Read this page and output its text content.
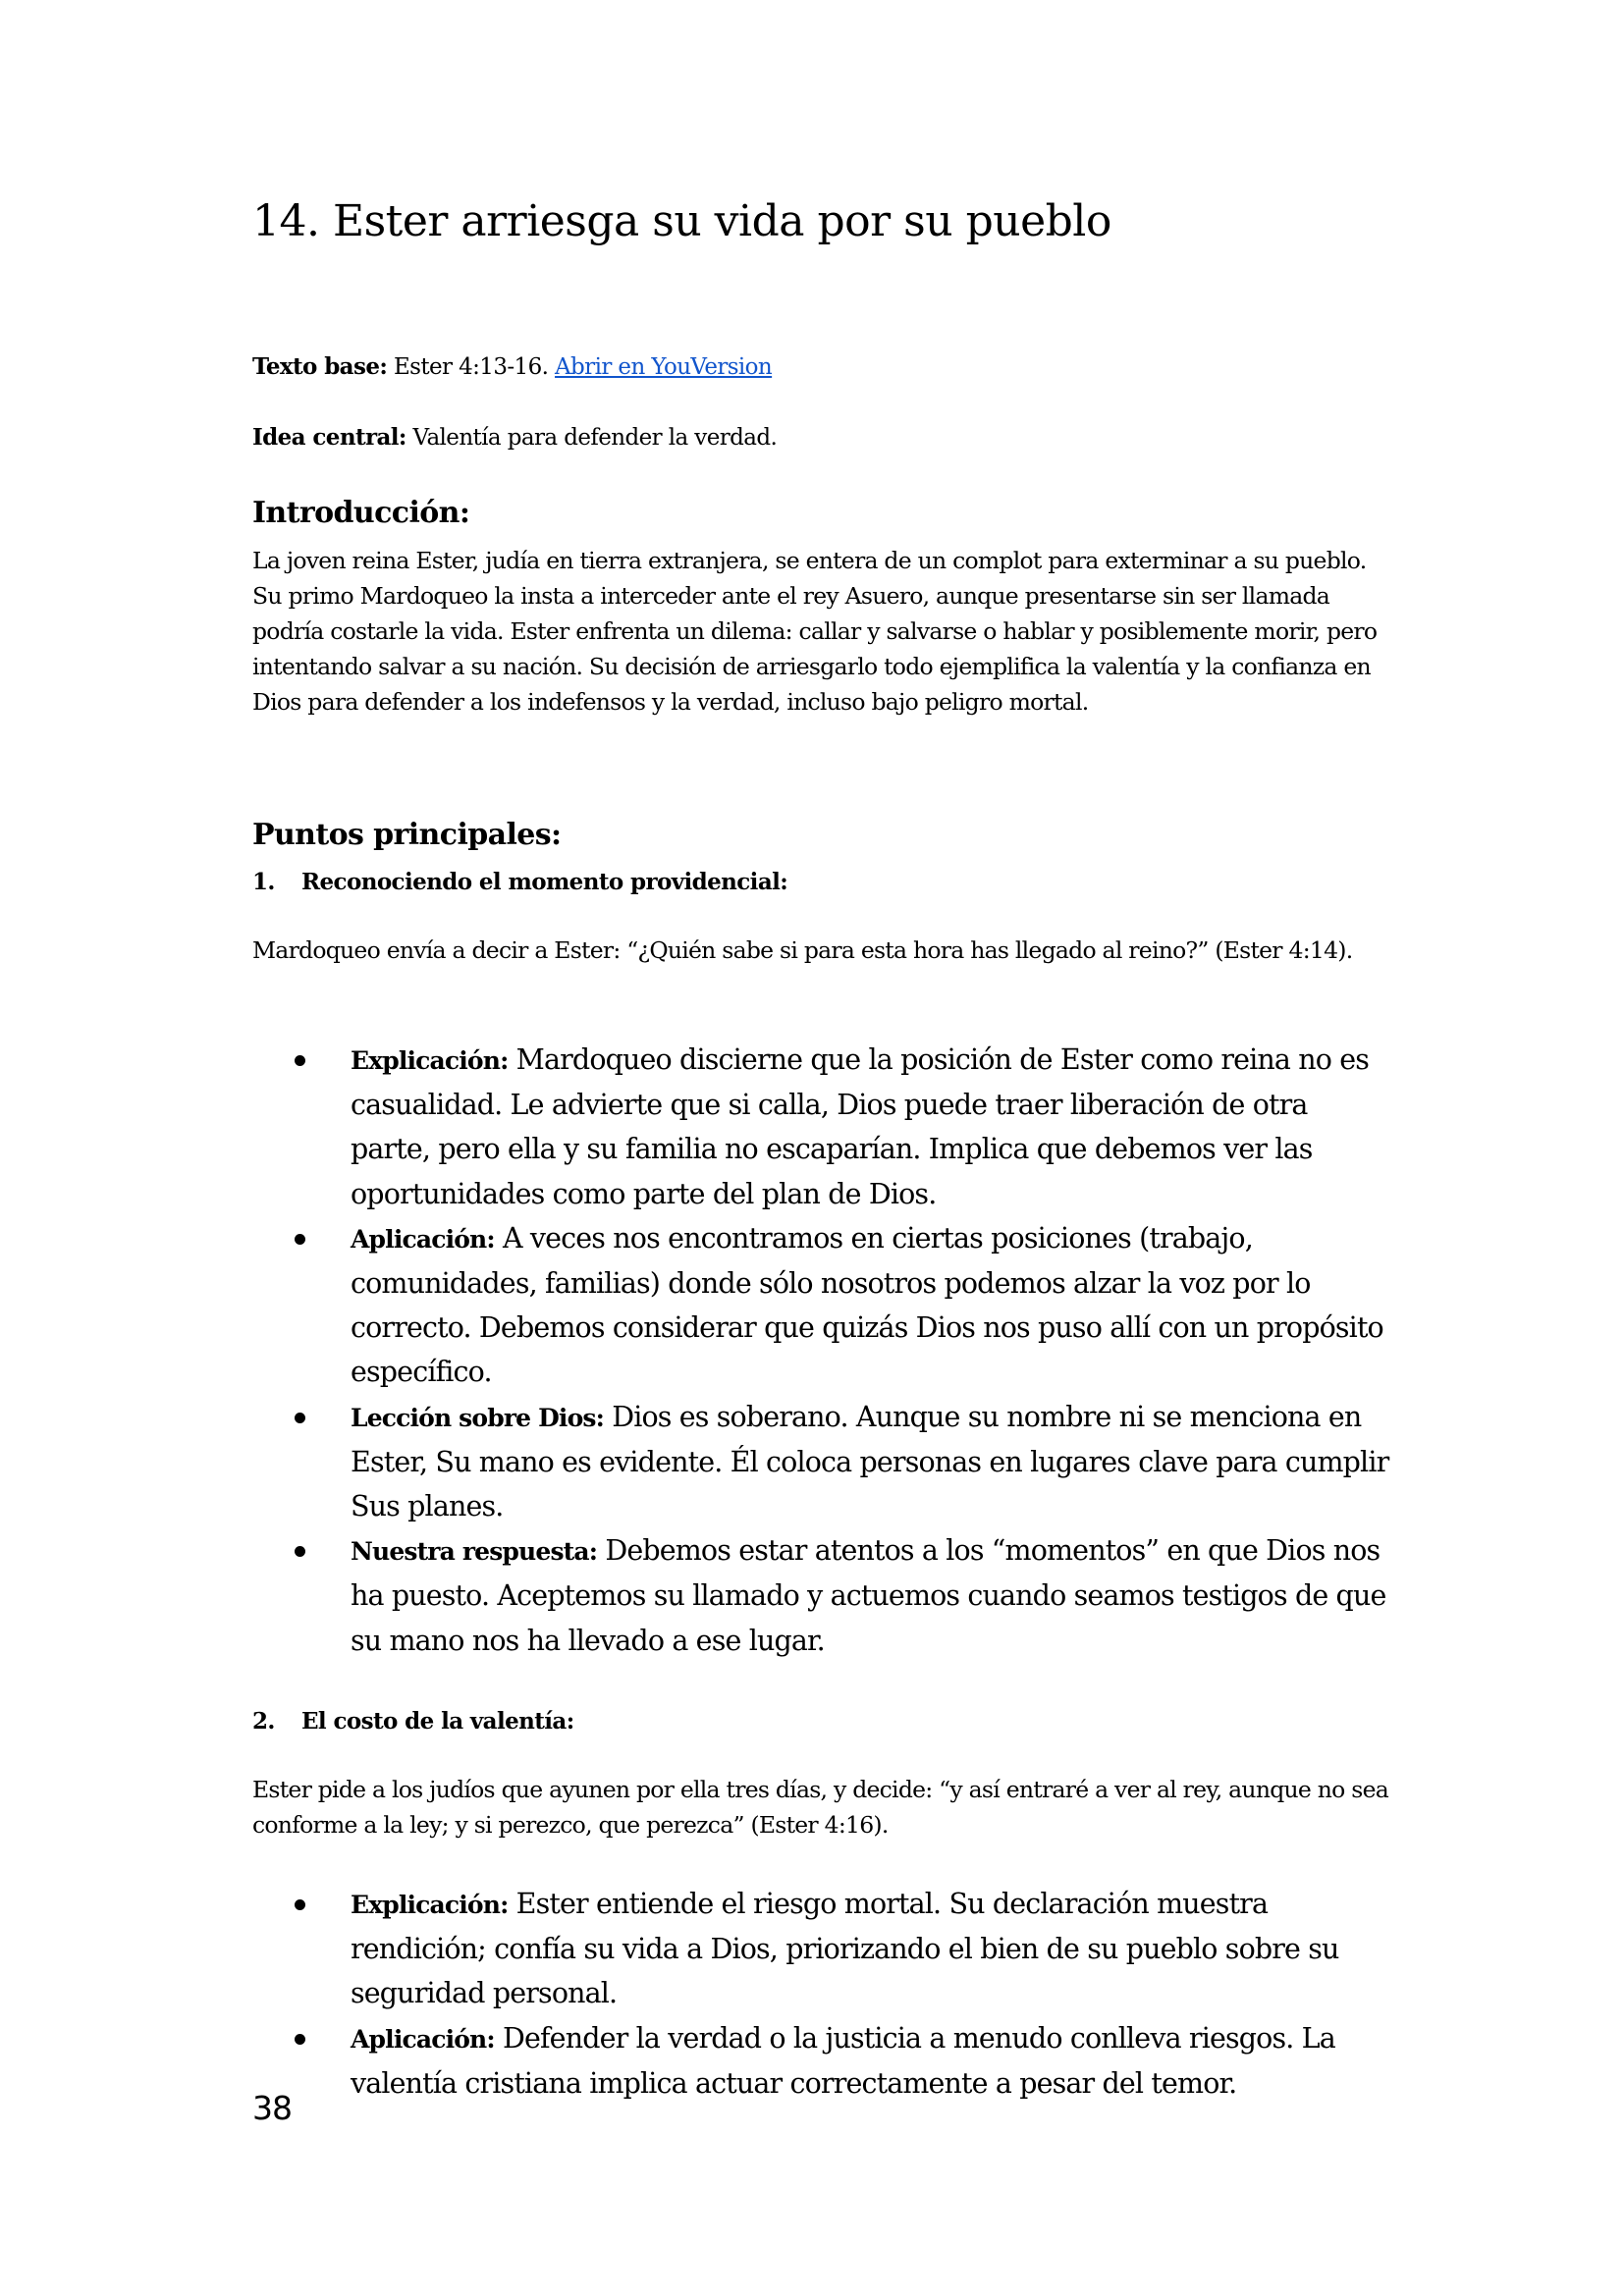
14. Ester arriesga su vida por su pueblo
Texto base: Ester 4:13-16. Abrir en YouVersion
Idea central: Valentía para defender la verdad.
Introducción:

La joven reina Ester, judía en tierra extranjera, se entera de un complot para exterminar a su pueblo. Su primo Mardoqueo la insta a interceder ante el rey Asuero, aunque presentarse sin ser llamada podría costarle la vida. Ester enfrenta un dilema: callar y salvarse o hablar y posiblemente morir, pero intentando salvar a su nación. Su decisión de arriesgarlo todo ejemplifica la valentía y la confianza en Dios para defender a los indefensos y la verdad, incluso bajo peligro mortal.

Puntos principales:
1. Reconociendo el momento providencial:

Mardoqueo envía a decir a Ester: “¿Quién sabe si para esta hora has llegado al reino?” (Ester 4:14).

Explicación: Mardoqueo discierne que la posición de Ester como reina no es casualidad. Le advierte que si calla, Dios puede traer liberación de otra parte, pero ella y su familia no escaparían. Implica que debemos ver las oportunidades como parte del plan de Dios.
Aplicación: A veces nos encontramos en ciertas posiciones (trabajo, comunidades, familias) donde sólo nosotros podemos alzar la voz por lo correcto. Debemos considerar que quizás Dios nos puso allí con un propósito específico.
Lección sobre Dios: Dios es soberano. Aunque su nombre ni se menciona en Ester, Su mano es evidente. Él coloca personas en lugares clave para cumplir Sus planes.
Nuestra respuesta: Debemos estar atentos a los “momentos” en que Dios nos ha puesto. Aceptemos su llamado y actuemos cuando seamos testigos de que su mano nos ha llevado a ese lugar.
2. El costo de la valentía:

Ester pide a los judíos que ayunen por ella tres días, y decide: “y así entraré a ver al rey, aunque no sea conforme a la ley; y si perezco, que perezca” (Ester 4:16).

Explicación: Ester entiende el riesgo mortal. Su declaración muestra rendición; confía su vida a Dios, priorizando el bien de su pueblo sobre su seguridad personal.
Aplicación: Defender la verdad o la justicia a menudo conlleva riesgos. La valentía cristiana implica actuar correctamente a pesar del temor.
38
